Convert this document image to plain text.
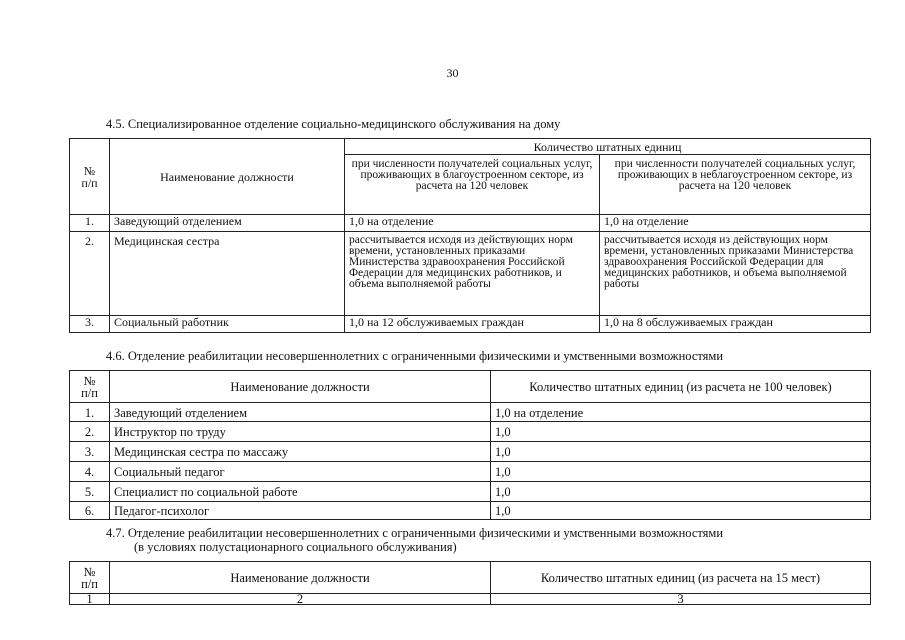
30
4.5. Специализированное отделение социально-медицинского обслуживания на дому
№
п/п	Наименование должности	Количество штатных единиц	
		при численности получателей социальных услуг, проживающих в благоустроенном секторе, из расчета на 120 человек	при численности получателей социальных услуг, проживающих в неблагоустроенном секторе, из расчета на 120 человек
1.	Заведующий отделением	1,0 на отделение	1,0 на отделение
2.	Медицинская сестра	рассчитывается исходя из действующих норм времени, установленных приказами Министерства здравоохранения Российской Федерации для медицинских работников, и объема выполняемой работы	рассчитывается исходя из действующих норм времени, установленных приказами Министерства здравоохранения Российской Федерации для медицинских работников, и объема выполняемой работы
3.	Социальный работник	1,0 на 12 обслуживаемых граждан	1,0 на 8 обслуживаемых граждан
4.6. Отделение реабилитации несовершеннолетних с ограниченными физическими и умственными возможностями
№
п/п	Наименование должности	Количество штатных единиц (из расчета не 100 человек)
1.	Заведующий отделением	1,0 на отделение
2.	Инструктор по труду	1,0
3.	Медицинская сестра по массажу	1,0
4.	Социальный педагог	1,0
5.	Специалист по социальной работе	1,0
6.	Педагог-психолог	1,0
4.7. Отделение реабилитации несовершеннолетних с ограниченными физическими и умственными возможностями
(в условиях полустационарного социального обслуживания)
№
п/п	Наименование должности	Количество штатных единиц (из расчета на 15 мест)
1	2	3
